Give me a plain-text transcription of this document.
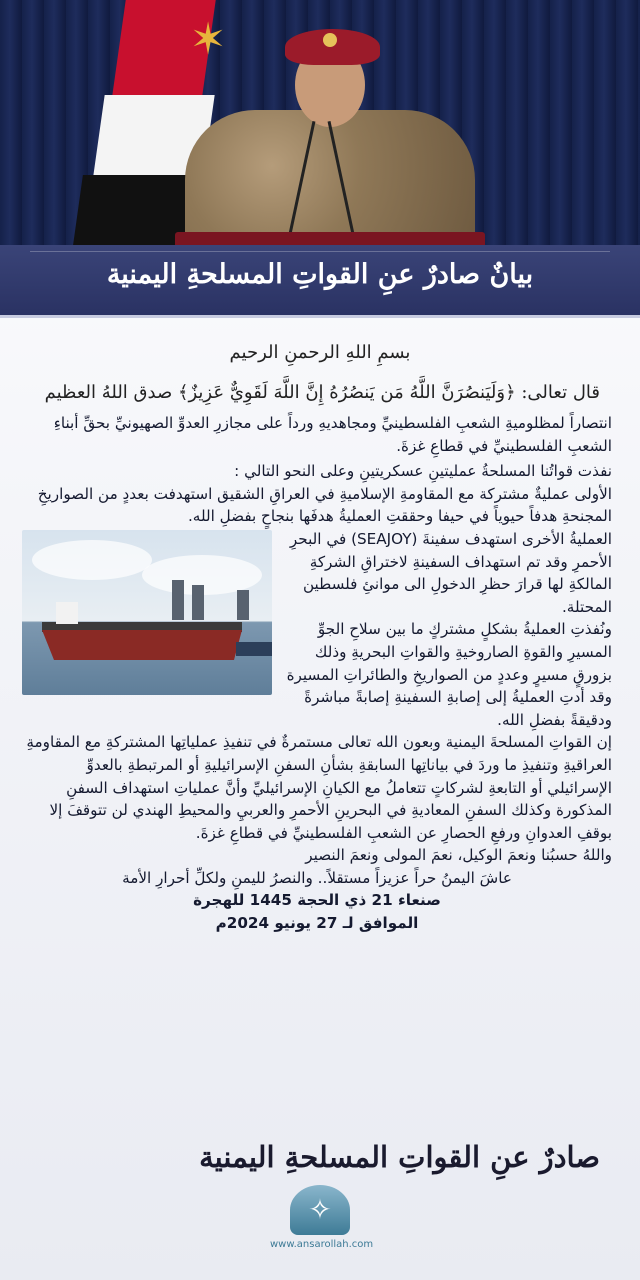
✶
بيانٌ صادرٌ عنِ القواتِ المسلحةِ اليمنية
بسمِ اللهِ الرحمنِ الرحيم
قال تعالى: ﴿وَلَيَنصُرَنَّ اللَّهُ مَن يَنصُرُهُ إِنَّ اللَّهَ لَقَوِيٌّ عَزِيزٌ﴾ صدق اللهُ العظيم

انتصاراً لمظلوميةِ الشعبِ الفلسطينيِّ ومجاهديهِ ورداً على مجازرِ العدوِّ الصهيونيِّ بحقِّ أبناءِ الشعبِ الفلسطينيِّ في قطاعِ غزةَ.

نفذت قواتُنا المسلحةُ عمليتينِ عسكريتينِ وعلى النحو التالي :

الأولى عمليةٌ مشتركة مع المقاومةِ الإسلاميةِ في العراقِ الشقيق استهدفت بعددٍ من الصواريخِ المجنحةِ هدفاً حيوياً في حيفا وحققتِ العمليةُ هدفَها بنجاحٍ بفضلِ الله.

العمليةُ الأخرى استهدف سفينةَ (SEAJOY) في البحرِ الأحمرِ وقد تم استهداف السفينةِ لاختراقِ الشركةِ المالكةِ لها قرارَ حظرِ الدخولِ الى موانئِ فلسطين المحتلة.

ونُفذتِ العمليةُ بشكلٍ مشتركٍ ما بين سلاحِ الجوِّ المسيرِ والقوةِ الصاروخيةِ والقواتِ البحريةِ وذلك بزورقٍ مسيرٍ وعددٍ من الصواريخِ والطائراتِ المسيرة وقد أدتِ العمليةُ إلى إصابةِ السفينةِ إصابةً مباشرةً ودقيقةً بفضلِ الله.

إن القواتِ المسلحةَ اليمنية وبعون الله تعالى مستمرةٌ في تنفيذِ عملياتِها المشتركةِ مع المقاومةِ العراقيةِ وتنفيذِ ما وردَ في بياناتِها السابقةِ بشأنِ السفنِ الإسرائيليةِ أو المرتبطةِ بالعدوِّ الإسرائيلي أو التابعةِ لشركاتٍ تتعاملُ مع الكيانِ الإسرائيليِّ وأنَّ عملياتِ استهداف السفنِ المذكورة وكذلك السفنِ المعاديةِ في البحرينِ الأحمرِ والعربيِ والمحيطِ الهندي لن تتوقفَ إلا بوقفِ العدوانِ ورفعِ الحصارِ عن الشعبِ الفلسطينيِّ في قطاعِ غزةَ.

واللهُ حسبُنا ونعمَ الوكيل، نعمَ المولى ونعمَ النصير

عاشَ اليمنُ حراً عزيزاً مستقلاً.. والنصرُ لليمنِ ولكلِّ أحرارِ الأمة

صنعاء 21 ذي الحجة 1445 للهجرة

الموافق لـ 27 يونيو 2024م

صادرٌ عنِ القواتِ المسلحةِ اليمنية
✧
www.ansarollah.com
